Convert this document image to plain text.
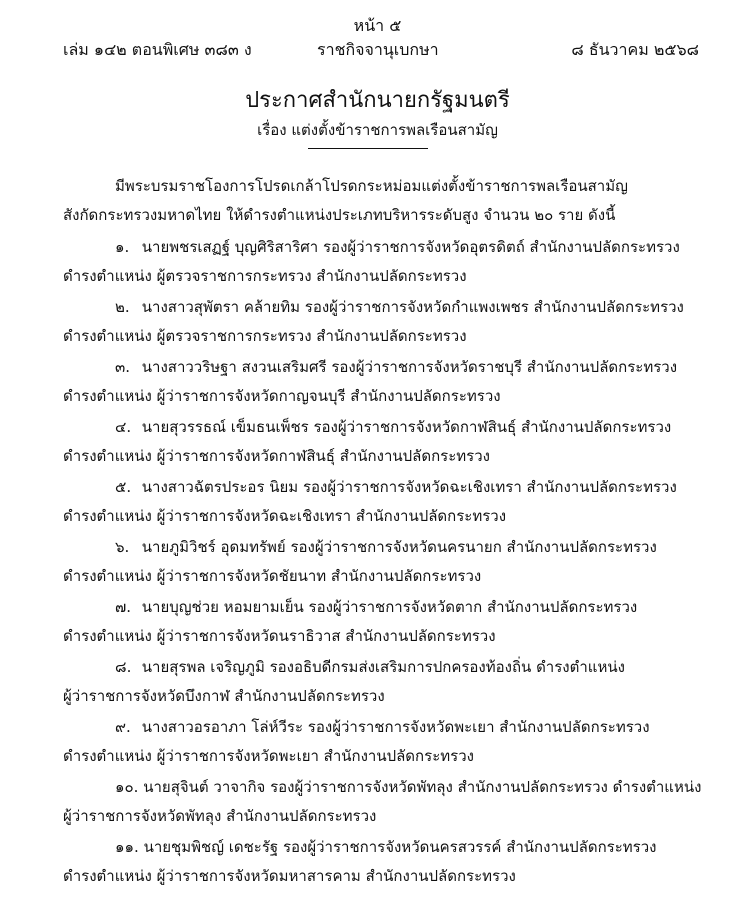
หน้า ๕
เล่ม ๑๔๒ ตอนพิเศษ ๓๘๓ ง	ราชกิจจานุเบกษา	๘ ธันวาคม ๒๕๖๘
ประกาศสำนักนายกรัฐมนตรี
เรื่อง แต่งตั้งข้าราชการพลเรือนสามัญ
มีพระบรมราชโองการโปรดเกล้าโปรดกระหม่อมแต่งตั้งข้าราชการพลเรือนสามัญ
สังกัดกระทรวงมหาดไทย ให้ดำรงตำแหน่งประเภทบริหารระดับสูง จำนวน ๒๐ ราย ดังนี้
๑. นายพชรเสฏฐ์ บุญศิริสาริศา รองผู้ว่าราชการจังหวัดอุตรดิตถ์ สำนักงานปลัดกระทรวง
ดำรงตำแหน่ง ผู้ตรวจราชการกระทรวง สำนักงานปลัดกระทรวง
๒. นางสาวสุพัตรา คล้ายทิม รองผู้ว่าราชการจังหวัดกำแพงเพชร สำนักงานปลัดกระทรวง
ดำรงตำแหน่ง ผู้ตรวจราชการกระทรวง สำนักงานปลัดกระทรวง
๓. นางสาววริษฐา สงวนเสริมศรี รองผู้ว่าราชการจังหวัดราชบุรี สำนักงานปลัดกระทรวง
ดำรงตำแหน่ง ผู้ว่าราชการจังหวัดกาญจนบุรี สำนักงานปลัดกระทรวง
๔. นายสุวรรธณ์ เข็มธนเพ็ชร รองผู้ว่าราชการจังหวัดกาฬสินธุ์ สำนักงานปลัดกระทรวง
ดำรงตำแหน่ง ผู้ว่าราชการจังหวัดกาฬสินธุ์ สำนักงานปลัดกระทรวง
๕. นางสาวฉัตรประอร นิยม รองผู้ว่าราชการจังหวัดฉะเชิงเทรา สำนักงานปลัดกระทรวง
ดำรงตำแหน่ง ผู้ว่าราชการจังหวัดฉะเชิงเทรา สำนักงานปลัดกระทรวง
๖. นายภูมิวิชร์ อุดมทรัพย์ รองผู้ว่าราชการจังหวัดนครนายก สำนักงานปลัดกระทรวง
ดำรงตำแหน่ง ผู้ว่าราชการจังหวัดชัยนาท สำนักงานปลัดกระทรวง
๗. นายบุญช่วย หอมยามเย็น รองผู้ว่าราชการจังหวัดตาก สำนักงานปลัดกระทรวง
ดำรงตำแหน่ง ผู้ว่าราชการจังหวัดนราธิวาส สำนักงานปลัดกระทรวง
๘. นายสุรพล เจริญภูมิ รองอธิบดีกรมส่งเสริมการปกครองท้องถิ่น ดำรงตำแหน่ง
ผู้ว่าราชการจังหวัดบึงกาฬ สำนักงานปลัดกระทรวง
๙. นางสาวอรอาภา โล่ห์วีระ รองผู้ว่าราชการจังหวัดพะเยา สำนักงานปลัดกระทรวง
ดำรงตำแหน่ง ผู้ว่าราชการจังหวัดพะเยา สำนักงานปลัดกระทรวง
๑๐. นายสุจินต์ วาจากิจ รองผู้ว่าราชการจังหวัดพัทลุง สำนักงานปลัดกระทรวง ดำรงตำแหน่ง
ผู้ว่าราชการจังหวัดพัทลุง สำนักงานปลัดกระทรวง
๑๑. นายชุมพิชญ์ เดชะรัฐ รองผู้ว่าราชการจังหวัดนครสวรรค์ สำนักงานปลัดกระทรวง
ดำรงตำแหน่ง ผู้ว่าราชการจังหวัดมหาสารคาม สำนักงานปลัดกระทรวง
